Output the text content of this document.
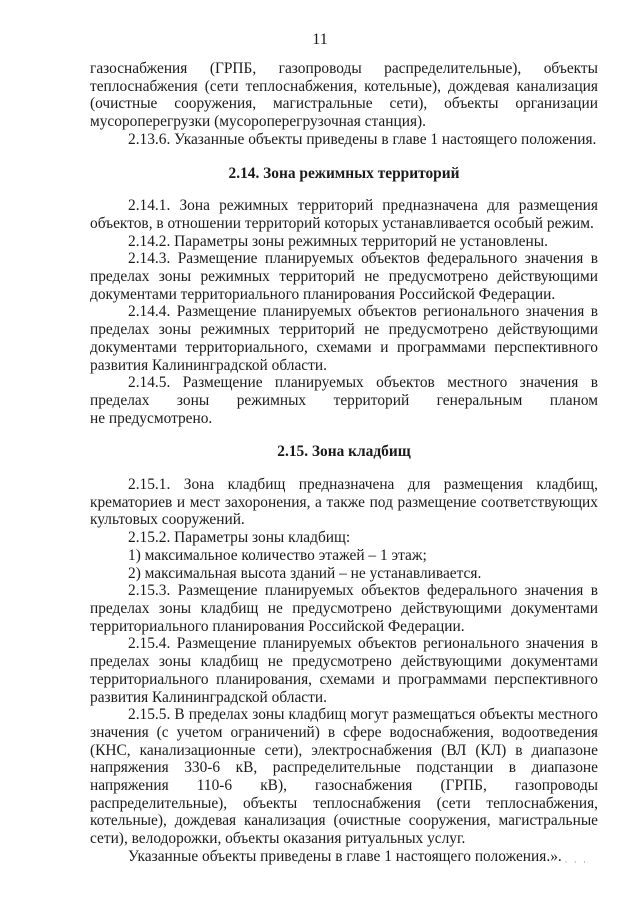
11

газоснабжения (ГРПБ, газопроводы распределительные), объекты теплоснабжения (сети теплоснабжения, котельные), дождевая канализация (очистные сооружения, магистральные сети), объекты организации мусороперегрузки (мусороперегрузочная станция).

2.13.6. Указанные объекты приведены в главе 1 настоящего положения.

2.14. Зона режимных территорий

2.14.1. Зона режимных территорий предназначена для размещения объектов, в отношении территорий которых устанавливается особый режим.

2.14.2. Параметры зоны режимных территорий не установлены.

2.14.3. Размещение планируемых объектов федерального значения в пределах зоны режимных территорий не предусмотрено действующими документами территориального планирования Российской Федерации.

2.14.4. Размещение планируемых объектов регионального значения в пределах зоны режимных территорий не предусмотрено действующими документами территориального, схемами и программами перспективного развития Калининградской области.

2.14.5. Размещение планируемых объектов местного значения в пределах зоны режимных территорий генеральным планом

не предусмотрено.

2.15. Зона кладбищ

2.15.1. Зона кладбищ предназначена для размещения кладбищ, крематориев и мест захоронения, а также под размещение соответствующих культовых сооружений.

2.15.2. Параметры зоны кладбищ:

1) максимальное количество этажей – 1 этаж;

2) максимальная высота зданий – не устанавливается.

2.15.3. Размещение планируемых объектов федерального значения в пределах зоны кладбищ не предусмотрено действующими документами территориального планирования Российской Федерации.

2.15.4. Размещение планируемых объектов регионального значения в пределах зоны кладбищ не предусмотрено действующими документами территориального планирования, схемами и программами перспективного развития Калининградской области.

2.15.5. В пределах зоны кладбищ могут размещаться объекты местного значения (с учетом ограничений) в сфере водоснабжения, водоотведения (КНС, канализационные сети), электроснабжения (ВЛ (КЛ) в диапазоне напряжения 330-6 кВ, распределительные подстанции в диапазоне напряжения 110-6 кВ), газоснабжения (ГРПБ, газопроводы распределительные), объекты теплоснабжения (сети теплоснабжения, котельные), дождевая канализация (очистные сооружения, магистральные сети), велодорожки, объекты оказания ритуальных услуг.

Указанные объекты приведены в главе 1 настоящего положения.». · · ·
